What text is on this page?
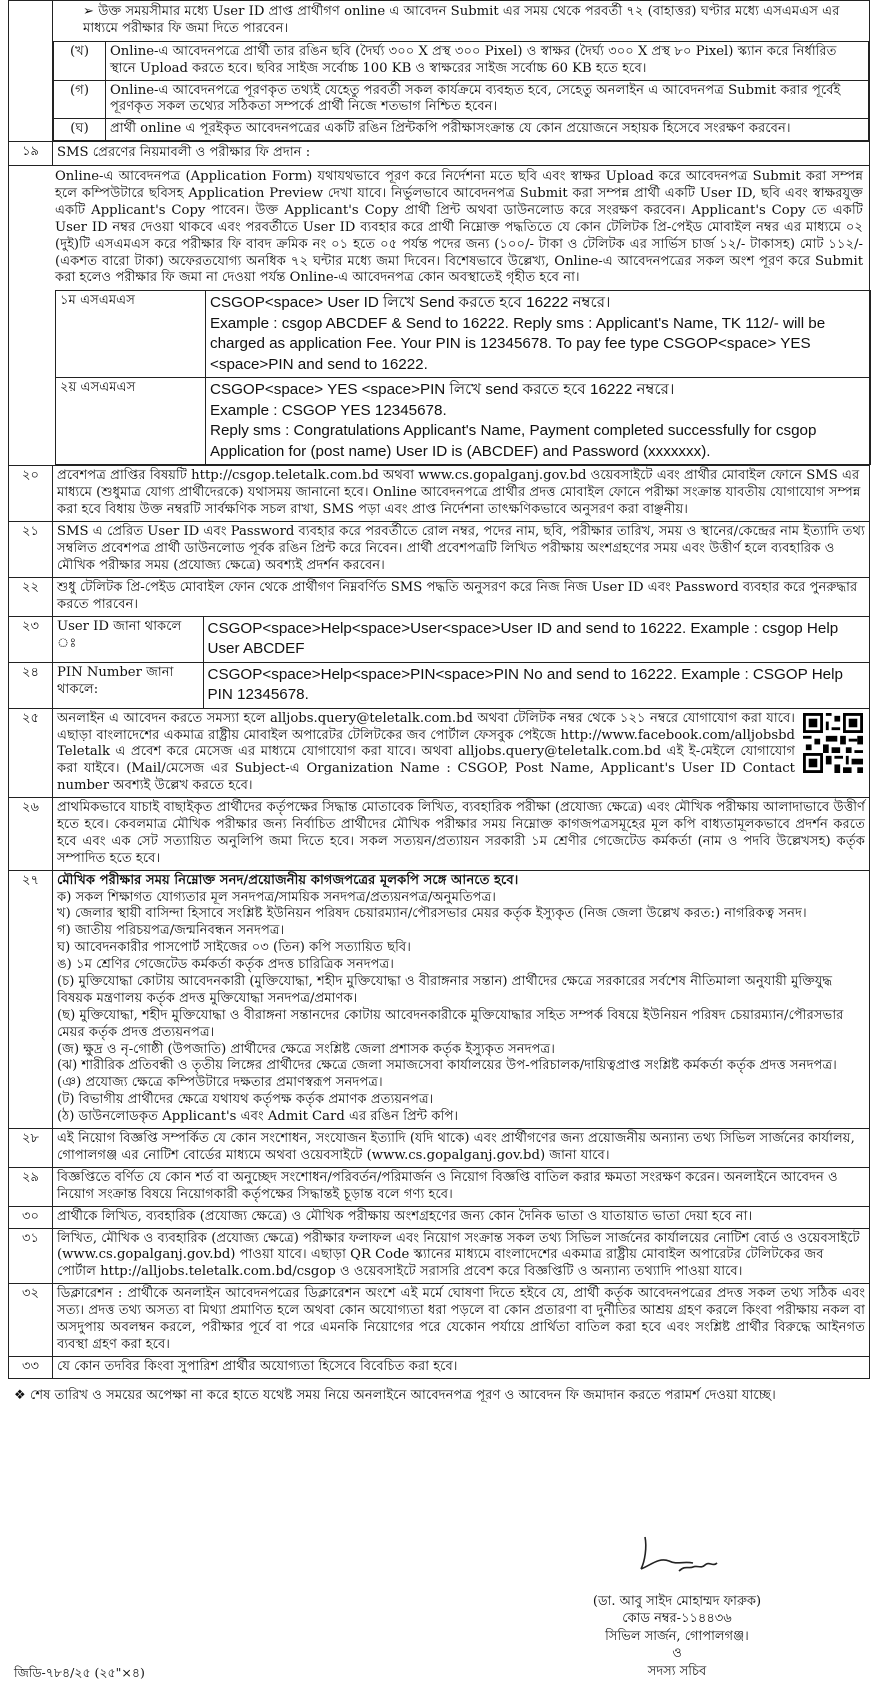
➢ উক্ত সময়সীমার মধ্যে User ID প্রাপ্ত প্রার্থীগণ online এ আবেদন Submit এর সময় থেকে পরবর্তী ৭২ (বাহাত্তর) ঘণ্টার মধ্যে এসএমএস এর মাধ্যমে পরীক্ষার ফি জমা দিতে পারবেন।
(খ)	Online-এ আবেদনপত্রে প্রার্থী তার রঙিন ছবি (দৈর্ঘ্য ৩০০ X প্রস্থ ৩০০ Pixel) ও স্বাক্ষর (দৈর্ঘ্য ৩০০ X প্রস্থ ৮০ Pixel) স্ক্যান করে নির্ধারিত স্থানে Upload করতে হবে। ছবির সাইজ সর্বোচ্চ 100 KB ও স্বাক্ষরের সাইজ সর্বোচ্চ 60 KB হতে হবে।
(গ)	Online-এ আবেদনপত্রে পূরণকৃত তথ্যই যেহেতু পরবর্তী সকল কার্যক্রমে ব্যবহৃত হবে, সেহেতু অনলাইন এ আবেদনপত্র Submit করার পূর্বেই পূরণকৃত সকল তথ্যের সঠিকতা সম্পর্কে প্রার্থী নিজে শতভাগ নিশ্চিত হবেন।
(ঘ)	প্রার্থী online এ পূরইকৃত আবেদনপত্রের একটি রঙিন প্রিন্টকপি পরীক্ষাসংক্রান্ত যে কোন প্রয়োজনে সহায়ক হিসেবে সংরক্ষণ করবেন।

১৯	SMS প্রেরণের নিয়মাবলী ও পরীক্ষার ফি প্রদান :

Online-এ আবেদনপত্র (Application Form) যথাযথভাবে পূরণ করে নির্দেশনা মতে ছবি এবং স্বাক্ষর Upload করে আবেদনপত্র Submit করা সম্পন্ন হলে কম্পিউটারে ছবিসহ Application Preview দেখা যাবে। নির্ভুলভাবে আবেদনপত্র Submit করা সম্পন্ন প্রার্থী একটি User ID, ছবি এবং স্বাক্ষরযুক্ত একটি Applicant's Copy পাবেন। উক্ত Applicant's Copy প্রার্থী প্রিন্ট অথবা ডাউনলোড করে সংরক্ষণ করবেন। Applicant's Copy তে একটি User ID নম্বর দেওয়া থাকবে এবং পরবর্তীতে User ID ব্যবহার করে প্রার্থী নিম্নোক্ত পদ্ধতিতে যে কোন টেলিটক প্রি-পেইড মোবাইল নম্বর এর মাধ্যমে ০২ (দুই)টি এসএমএস করে পরীক্ষার ফি বাবদ ক্রমিক নং ০১ হতে ০৫ পর্যন্ত পদের জন্য (১০০/- টাকা ও টেলিটক এর সার্ভিস চার্জ ১২/- টাকাসহ) মোট ১১২/- (একশত বারো টাকা) অফেরতযোগ্য অনধিক ৭২ ঘন্টার মধ্যে জমা দিবেন। বিশেষভাবে উল্লেখ্য, Online-এ আবেদনপত্রের সকল অংশ পূরণ করে Submit করা হলেও পরীক্ষার ফি জমা না দেওয়া পর্যন্ত Online-এ আবেদনপত্র কোন অবস্থাতেই গৃহীত হবে না।
১ম এসএমএস	CSGOP<space> User ID লিখে Send করতে হবে 16222 নম্বরে।
Example : csgop ABCDEF & Send to 16222. Reply sms : Applicant's Name, TK 112/- will be charged as application Fee. Your PIN is 12345678. To pay fee type CSGOP<space> YES <space>PIN and send to 16222.

২য় এসএমএস	CSGOP<space> YES <space>PIN লিখে send করতে হবে 16222 নম্বরে।
Example : CSGOP YES 12345678.
Reply sms : Congratulations Applicant's Name, Payment completed successfully for csgop Application for (post name) User ID is (ABCDEF) and Password (xxxxxxx).

২০	প্রবেশপত্র প্রাপ্তির বিষয়টি http://csgop.teletalk.com.bd অথবা www.cs.gopalganj.gov.bd ওয়েবসাইটে এবং প্রার্থীর মোবাইল ফোনে SMS এর মাধ্যমে (শুধুমাত্র যোগ্য প্রার্থীদেরকে) যথাসময় জানানো হবে। Online আবেদনপত্রে প্রার্থীর প্রদত্ত মোবাইল ফোনে পরীক্ষা সংক্রান্ত যাবতীয় যোগাযোগ সম্পন্ন করা হবে বিধায় উক্ত নম্বরটি সার্বক্ষণিক সচল রাখা, SMS পড়া এবং প্রাপ্ত নির্দেশনা তাৎক্ষণিকভাবে অনুসরণ করা বাঞ্ছনীয়।
২১	SMS এ প্রেরিত User ID এবং Password ব্যবহার করে পরবর্তীতে রোল নম্বর, পদের নাম, ছবি, পরীক্ষার তারিখ, সময় ও স্থানের/কেন্দ্রের নাম ইত্যাদি তথ্য সম্বলিত প্রবেশপত্র প্রার্থী ডাউনলোড পূর্বক রঙিন প্রিন্ট করে নিবেন। প্রার্থী প্রবেশপত্রটি লিখিত পরীক্ষায় অংশগ্রহণের সময় এবং উত্তীর্ণ হলে ব্যবহারিক ও মৌখিক পরীক্ষার সময় (প্রযোজ্য ক্ষেত্রে) অবশ্যই প্রদর্শন করবেন।
২২	শুধু টেলিটক প্রি-পেইড মোবাইল ফোন থেকে প্রার্থীগণ নিম্নবর্ণিত SMS পদ্ধতি অনুসরণ করে নিজ নিজ User ID এবং Password ব্যবহার করে পুনরুদ্ধার করতে পারবেন।
২৩	User ID জানা থাকলে ঃ	CSGOP<space>Help<space>User<space>User ID and send to 16222. Example : csgop Help User ABCDEF

২৪	PIN Number জানা থাকলে:	CSGOP<space>Help<space>PIN<space>PIN No and send to 16222. Example : CSGOP Help PIN 12345678.

২৫	অনলাইন এ আবেদন করতে সমস্যা হলে alljobs.query@teletalk.com.bd অথবা টেলিটক নম্বর থেকে ১২১ নম্বরে যোগাযোগ করা যাবে। এছাড়া বাংলাদেশের একমাত্র রাষ্ট্রীয় মোবাইল অপারেটর টেলিটকের জব পোর্টাল ফেসবুক পেইজে http://www.facebook.com/alljobsbd Teletalk এ প্রবেশ করে মেসেজ এর মাধ্যমে যোগাযোগ করা যাবে। অথবা alljobs.query@teletalk.com.bd এই ই-মেইলে যোগাযোগ করা যাইবে। (Mail/মেসেজ এর Subject-এ Organization Name : CSGOP, Post Name, Applicant's User ID Contact number অবশ্যই উল্লেখ করতে হবে।

২৬	প্রাথমিকভাবে যাচাই বাছাইকৃত প্রার্থীদের কর্তৃপক্ষের সিদ্ধান্ত মোতাবেক লিখিত, ব্যবহারিক পরীক্ষা (প্রযোজ্য ক্ষেত্রে) এবং মৌখিক পরীক্ষায় আলাদাভাবে উত্তীর্ণ হতে হবে। কেবলমাত্র মৌখিক পরীক্ষার জন্য নির্বাচিত প্রার্থীদের মৌখিক পরীক্ষার সময় নিম্নোক্ত কাগজপত্রসমূহের মূল কপি বাধ্যতামূলকভাবে প্রদর্শন করতে হবে এবং এক সেট সত্যায়িত অনুলিপি জমা দিতে হবে। সকল সত্যয়ন/প্রত্যায়ন সরকারী ১ম শ্রেণীর গেজেটেড কর্মকর্তা (নাম ও পদবি উল্লেখসহ) কর্তৃক সম্পাদিত হতে হবে।
২৭	মৌখিক পরীক্ষার সময় নিম্নোক্ত সনদ/প্রয়োজনীয় কাগজপত্রের মূলকপি সঙ্গে আনতে হবে।
ক) সকল শিক্ষাগত যোগ্যতার মূল সনদপত্র/সাময়িক সনদপত্র/প্রত্যয়নপত্র/অনুমতিপত্র।
খ) জেলার স্থায়ী বাসিন্দা হিসাবে সংশ্লিষ্ট ইউনিয়ন পরিষদ চেয়ারম্যান/পৌরসভার মেয়র কর্তৃক ইস্যুকৃত (নিজ জেলা উল্লেখ করত:) নাগরিকত্ব সনদ।
গ) জাতীয় পরিচয়পত্র/জন্মনিবন্ধন সনদপত্র।
ঘ) আবেদনকারীর পাসপোর্ট সাইজের ০৩ (তিন) কপি সত্যায়িত ছবি।
ঙ) ১ম শ্রেণির গেজেটেড কর্মকর্তা কর্তৃক প্রদত্ত চারিত্রিক সনদপত্র।
(চ) মুক্তিযোদ্ধা কোটায় আবেদনকারী (মুক্তিযোদ্ধা, শহীদ মুক্তিযোদ্ধা ও বীরাঙ্গনার সন্তান) প্রার্থীদের ক্ষেত্রে সরকারের সর্বশেষ নীতিমালা অনুযায়ী মুক্তিযুদ্ধ বিষয়ক মন্ত্রণালয় কর্তৃক প্রদত্ত মুক্তিযোদ্ধা সনদপত্র/প্রমাণক।
(ছ) মুক্তিযোদ্ধা, শহীদ মুক্তিযোদ্ধা ও বীরাঙ্গনা সন্তানদের কোটায় আবেদনকারীকে মুক্তিযোদ্ধার সহিত সম্পর্ক বিষয়ে ইউনিয়ন পরিষদ চেয়ারম্যান/পৌরসভার মেয়র কর্তৃক প্রদত্ত প্রত্যয়নপত্র।
(জ) ক্ষুদ্র ও নৃ-গোষ্ঠী (উপজাতি) প্রার্থীদের ক্ষেত্রে সংশ্লিষ্ট জেলা প্রশাসক কর্তৃক ইস্যুকৃত সনদপত্র।
(ঝ) শারীরিক প্রতিবন্ধী ও তৃতীয় লিঙ্গের প্রার্থীদের ক্ষেত্রে জেলা সমাজসেবা কার্যালয়ের উপ-পরিচালক/দায়িত্বপ্রাপ্ত সংশ্লিষ্ট কর্মকর্তা কর্তৃক প্রদত্ত সনদপত্র।
(ঞ) প্রযোজ্য ক্ষেত্রে কম্পিউটারে দক্ষতার প্রমাণস্বরূপ সনদপত্র।
(ট) বিভাগীয় প্রার্থীদের ক্ষেত্রে যথাযথ কর্তৃপক্ষ কর্তৃক প্রমাণক প্রত্যয়নপত্র।
(ঠ) ডাউনলোডকৃত Applicant's এবং Admit Card এর রঙিন প্রিন্ট কপি।

২৮	এই নিয়োগ বিজ্ঞপ্তি সম্পর্কিত যে কোন সংশোধন, সংযোজন ইত্যাদি (যদি থাকে) এবং প্রার্থীগণের জন্য প্রয়োজনীয় অন্যান্য তথ্য সিভিল সার্জনের কার্যালয়, গোপালগঞ্জ এর নোটিশ বোর্ডের মাধ্যমে অথবা ওয়েবসাইটে (www.cs.gopalganj.gov.bd) জানা যাবে।
২৯	বিজ্ঞপ্তিতে বর্ণিত যে কোন শর্ত বা অনুচ্ছেদ সংশোধন/পরিবর্তন/পরিমার্জন ও নিয়োগ বিজ্ঞপ্তি বাতিল করার ক্ষমতা সংরক্ষণ করেন। অনলাইনে আবেদন ও নিয়োগ সংক্রান্ত বিষয়ে নিয়োগকারী কর্তৃপক্ষের সিদ্ধান্তই চূড়ান্ত বলে গণ্য হবে।
৩০	প্রার্থীকে লিখিত, ব্যবহারিক (প্রযোজ্য ক্ষেত্রে) ও মৌখিক পরীক্ষায় অংশগ্রহণের জন্য কোন দৈনিক ভাতা ও যাতায়াত ভাতা দেয়া হবে না।
৩১	লিখিত, মৌখিক ও ব্যবহারিক (প্রযোজ্য ক্ষেত্রে) পরীক্ষার ফলাফল এবং নিয়োগ সংক্রান্ত সকল তথ্য সিভিল সার্জনের কার্যালয়ের নোটিশ বোর্ড ও ওয়েবসাইটে (www.cs.gopalganj.gov.bd) পাওয়া যাবে। এছাড়া QR Code স্ক্যানের মাধ্যমে বাংলাদেশের একমাত্র রাষ্ট্রীয় মোবাইল অপারেটর টেলিটকের জব পোর্টাল http://alljobs.teletalk.com.bd/csgop ও ওয়েবসাইটে সরাসরি প্রবেশ করে বিজ্ঞপ্তিটি ও অন্যান্য তথ্যাদি পাওয়া যাবে।
৩২	ডিক্লারেশন : প্রার্থীকে অনলাইন আবেদনপত্রের ডিক্লারেশন অংশে এই মর্মে ঘোষণা দিতে হইবে যে, প্রার্থী কর্তৃক আবেদনপত্রের প্রদত্ত সকল তথ্য সঠিক এবং সত্য। প্রদত্ত তথ্য অসত্য বা মিথ্যা প্রমাণিত হলে অথবা কোন অযোগ্যতা ধরা পড়লে বা কোন প্রতারণা বা দুর্নীতির আশ্রয় গ্রহণ করলে কিংবা পরীক্ষায় নকল বা অসদুপায় অবলম্বন করলে, পরীক্ষার পূর্বে বা পরে এমনকি নিয়োগের পরে যেকোন পর্যায়ে প্রার্থিতা বাতিল করা হবে এবং সংশ্লিষ্ট প্রার্থীর বিরুদ্ধে আইনগত ব্যবস্থা গ্রহণ করা হবে।
৩৩	যে কোন তদবির কিংবা সুপারিশ প্রার্থীর অযোগ্যতা হিসেবে বিবেচিত করা হবে।
❖ শেষ তারিখ ও সময়ের অপেক্ষা না করে হাতে যথেষ্ট সময় নিয়ে অনলাইনে আবেদনপত্র পূরণ ও আবেদন ফি জমাদান করতে পরামর্শ দেওয়া যাচ্ছে।
(ডা. আবু সাইদ মোহাম্মদ ফারুক)
কোড নম্বর-১১৪৪৩৬
সিভিল সার্জন, গোপালগঞ্জ।
ও
সদস্য সচিব
জিডি-৭৮৪/২৫ (২৫"×৪)
